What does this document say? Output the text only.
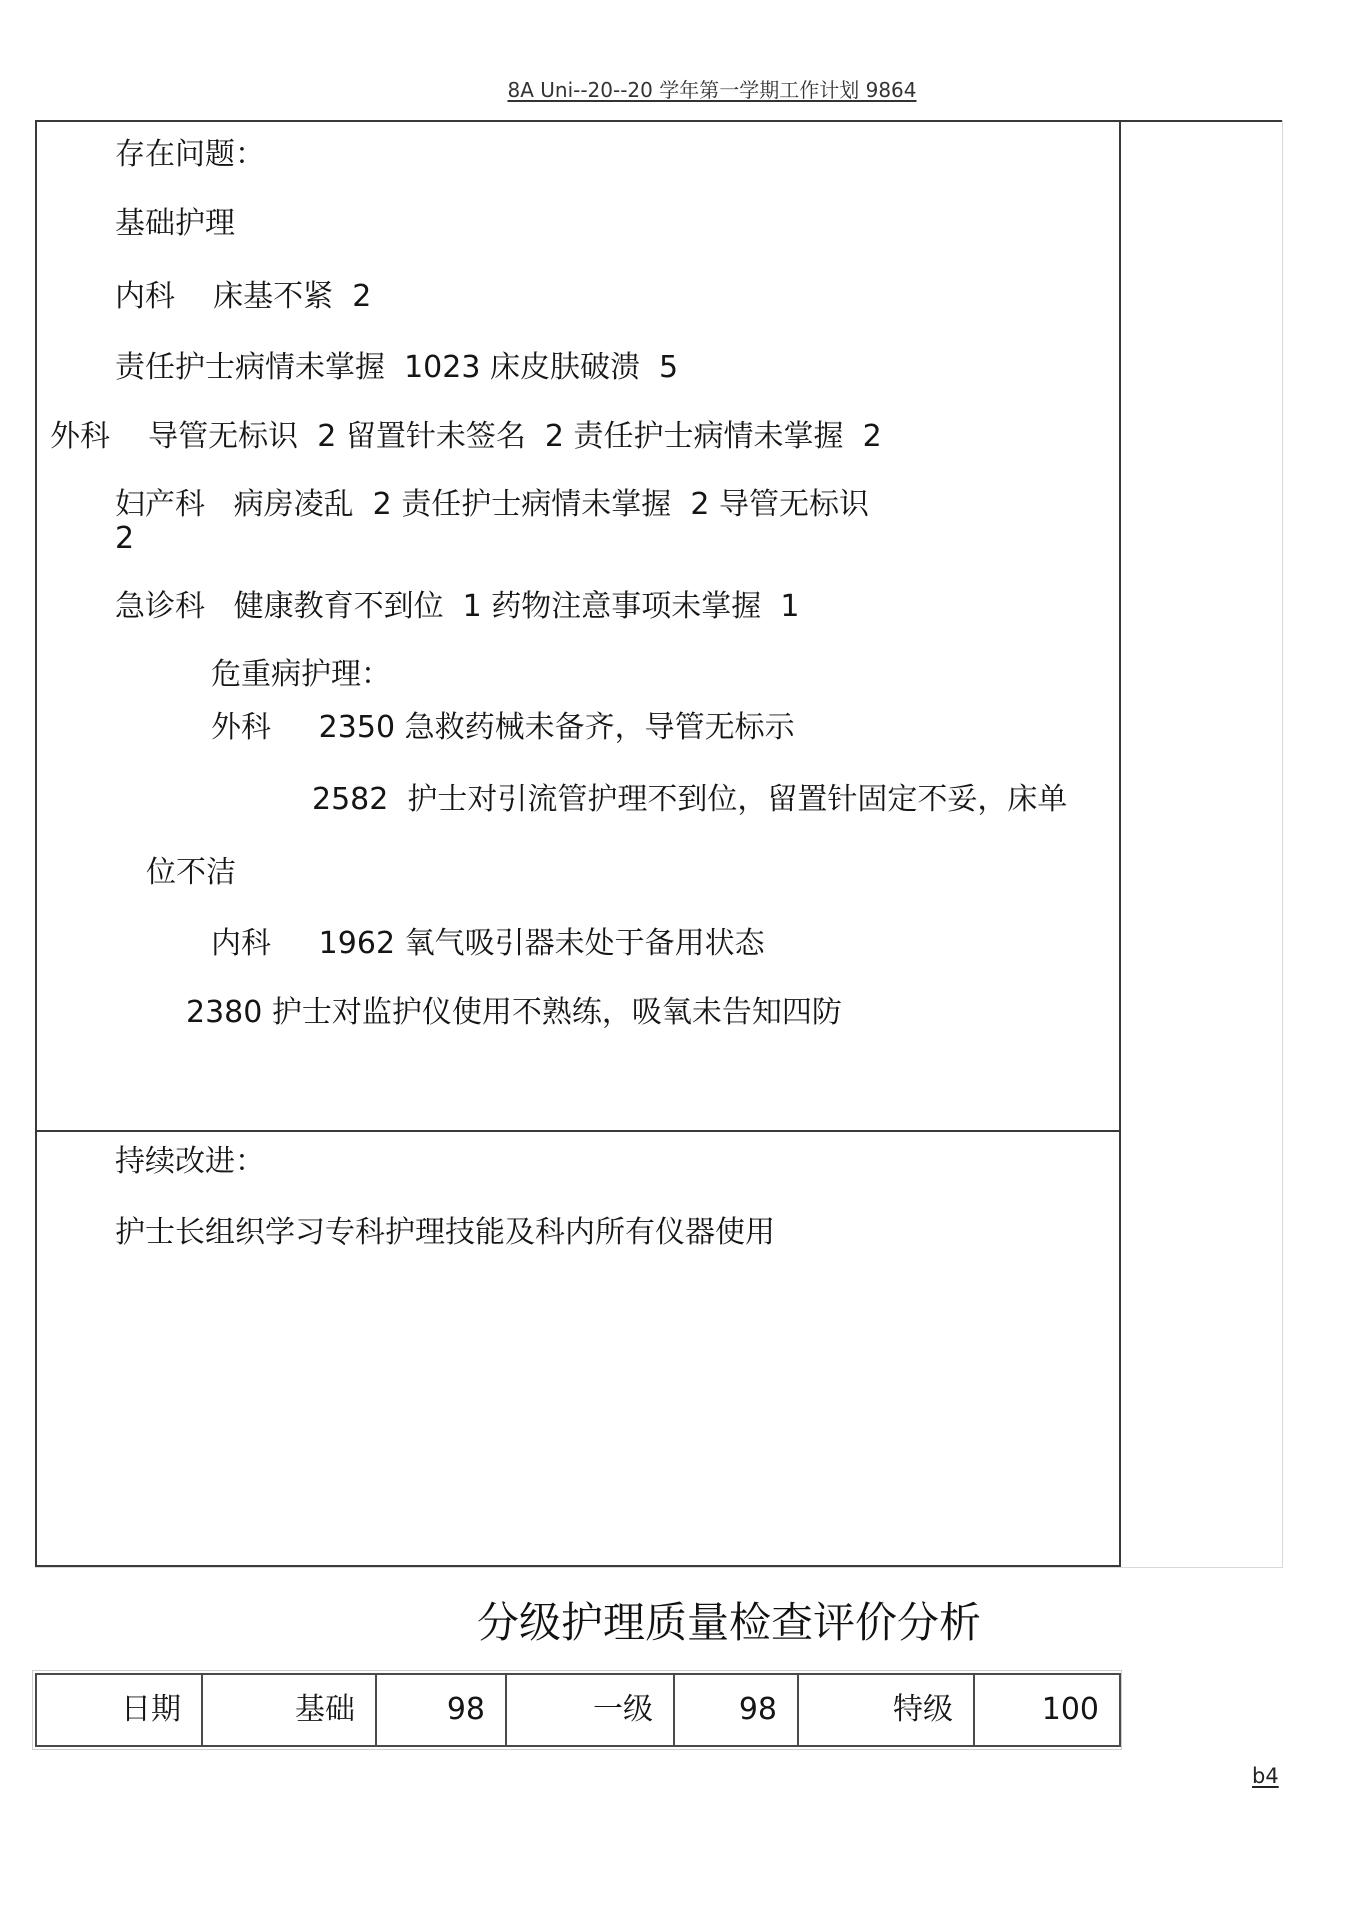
8A Uni--20--20 学年第一学期工作计划 9864
存在问题：
基础护理
内科    床基不紧  2
责任护士病情未掌握  1023 床皮肤破溃  5
外科    导管无标识  2 留置针未签名  2 责任护士病情未掌握  2
妇产科   病房凌乱  2 责任护士病情未掌握  2 导管无标识
2
急诊科   健康教育不到位  1 药物注意事项未掌握  1
危重病护理：
外科     2350 急救药械未备齐，导管无标示
2582  护士对引流管护理不到位，留置针固定不妥，床单
位不洁
内科     1962 氧气吸引器未处于备用状态
2380 护士对监护仪使用不熟练，吸氧未告知四防
持续改进：
护士长组织学习专科护理技能及科内所有仪器使用
分级护理质量检查评价分析
日期	基础	98	一级	98	特级	100
b4
